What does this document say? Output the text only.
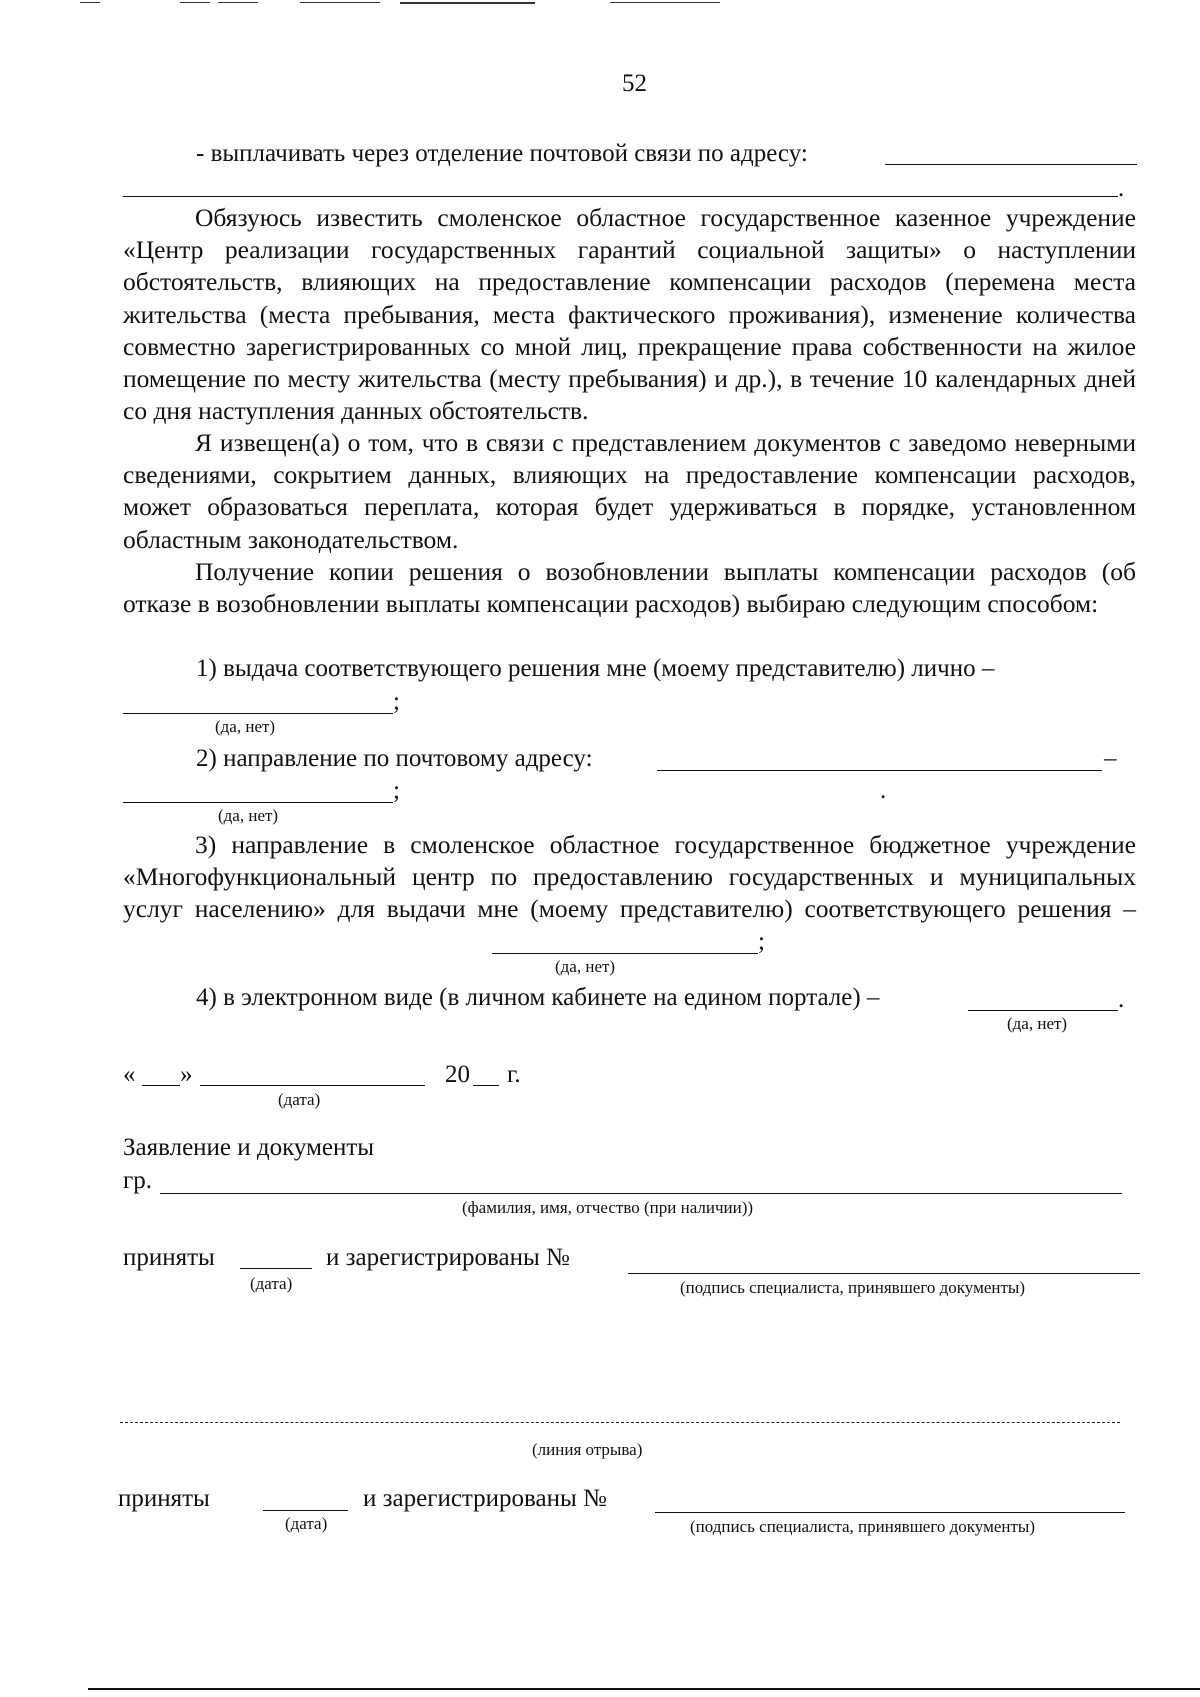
52
- выплачивать через отделение почтовой связи по адресу:
.
Обязуюсь известить смоленское областное государственное казенное учреждение «Центр реализации государственных гарантий социальной защиты» о наступлении обстоятельств, влияющих на предоставление компенсации расходов (перемена места жительства (места пребывания, места фактического проживания), изменение количества совместно зарегистрированных со мной лиц, прекращение права собственности на жилое помещение по месту жительства (месту пребывания) и др.), в течение 10 календарных дней со дня наступления данных обстоятельств.
Я извещен(а) о том, что в связи с представлением документов с заведомо неверными сведениями, сокрытием данных, влияющих на предоставление компенсации расходов, может образоваться переплата, которая будет удерживаться в порядке, установленном областным законодательством.
Получение копии решения о возобновлении выплаты компенсации расходов (об отказе в возобновлении выплаты компенсации расходов) выбираю следующим способом:
1) выдача соответствующего решения мне (моему представителю) лично –
;
(да, нет)
2) направление по почтовому адресу:	–
;	.
(да, нет)
3) направление в смоленское областное государственное бюджетное учреждение «Многофункциональный центр по предоставлению государственных и муниципальных услуг населению» для выдачи мне (моему представителю) соответствующего решения –
;
(да, нет)
4) в электронном виде (в личном кабинете на едином портале) –	.
(да, нет)
« »	20 г.
(дата)
Заявление и документы
гр.
(фамилия, имя, отчество (при наличии))
приняты	и зарегистрированы №
(дата)	(подпись специалиста, принявшего документы)
(линия отрыва)
приняты	и зарегистрированы №
(дата)	(подпись специалиста, принявшего документы)
